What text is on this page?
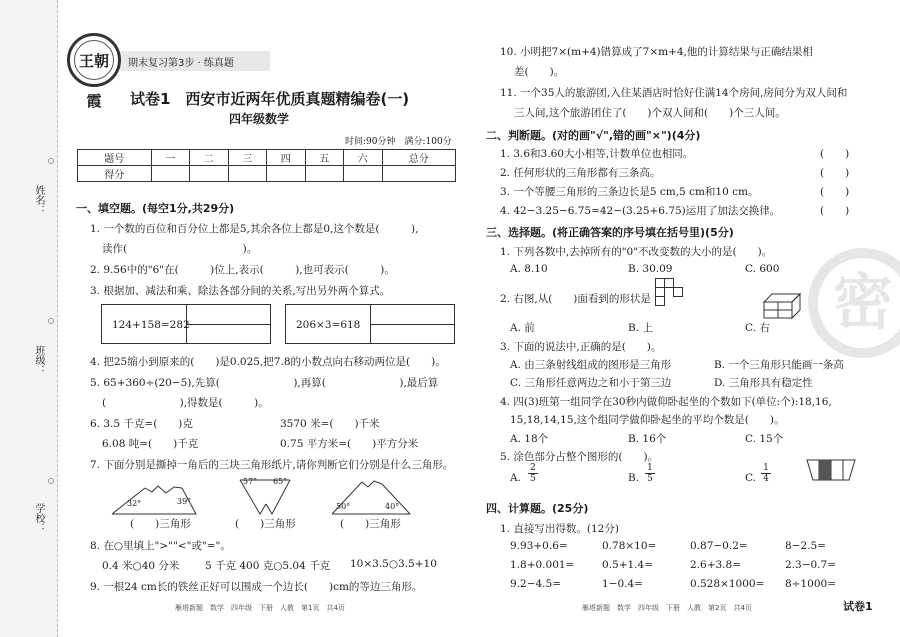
姓名：
班级：
学校：
期末复习第3步 · 练真题
王朝霞	试卷1　西安市近两年优质真题精编卷(一)
四年级数学
时间:90分钟　满分:100分
题号	一	二	三	四	五	六	总分
得分							
一、填空题。(每空1分,共29分)
1. 一个数的百位和百分位上都是5,其余各位上都是0,这个数是(　　　),
读作(　　　　　　　　　　　)。
2. 9.56中的"6"在(　　　)位上,表示(　　　),也可表示(　　　)。
3. 根据加、减法和乘、除法各部分间的关系,写出另外两个算式。
124+158=282	206×3=618
4. 把25缩小到原来的(　　)是0.025,把7.8的小数点向右移动两位是(　　)。
5. 65+360÷(20−5),先算(　　　　　　　),再算(　　　　　　　),最后算
(　　　　　　　),得数是(　　　)。
6. 3.5 千克=(　　)克	3570 米=(　　)千米
6.08 吨=(　　)千克	0.75 平方米=(　　)平方分米
7. 下面分别是撕掉一角后的三块三角形纸片,请你判断它们分别是什么三角形。
32°	39°
57° 65°
50°	40°
(　　)三角形	(　　)三角形	(　　)三角形
8. 在○里填上">""<"或"="。
0.4 米○40 分米 5 千克 400 克○5.04 千克 10×3.5○3.5+10
9. 一根24 cm长的铁丝正好可以围成一个边长(　　)cm的等边三角形。
密
10. 小明把7×(m+4)错算成了7×m+4,他的计算结果与正确结果相
差(　　)。
11. 一个35人的旅游团,入住某酒店时恰好住满14个房间,房间分为双人间和
三人间,这个旅游团住了(　　)个双人间和(　　)个三人间。
二、判断题。(对的画"√",错的画"×")(4分)
1. 3.6和3.60大小相等,计数单位也相同。
2. 任何形状的三角形都有三条高。
3. 一个等腰三角形的三条边长是5 cm,5 cm和10 cm。
4. 42−3.25−6.75=42−(3.25+6.75)运用了加法交换律。
(　　)
(　　)
(　　)
(　　)
三、选择题。(将正确答案的序号填在括号里)(5分)
1. 下列各数中,去掉所有的"0"不改变数的大小的是(　　)。
A. 8.10	B. 30.09	C. 600
2. 右图,从(　　)面看到的形状是
A. 前	B. 上	C. 右
3. 下面的说法中,正确的是(　　)。
A. 由三条射线组成的图形是三角形	B. 一个三角形只能画一条高
C. 三角形任意两边之和小于第三边	D. 三角形具有稳定性
4. 四(3)班第一组同学在30秒内做仰卧起坐的个数如下(单位:个):18,16,
15,18,14,15,这个组同学做仰卧起坐的平均个数是(　　)。
A. 18个	B. 16个	C. 15个
5. 涂色部分占整个图形的(　　)。
A.
2
5	B.
1
5	C.
1
4
四、计算题。(25分)
1. 直接写出得数。(12分)
9.93+0.6=	0.78×10=	0.87−0.2=	8−2.5=
1.8+0.001=	0.5+1.4=	2.6+3.8=	2.3−0.7=
9.2−4.5=	1−0.4=	0.528×1000= 8÷1000=
雁塔新题　数学　四年级　下册　人教　第1页　共4页	雁塔新题　数学　四年级　下册　人教　第2页　共4页	试卷1
